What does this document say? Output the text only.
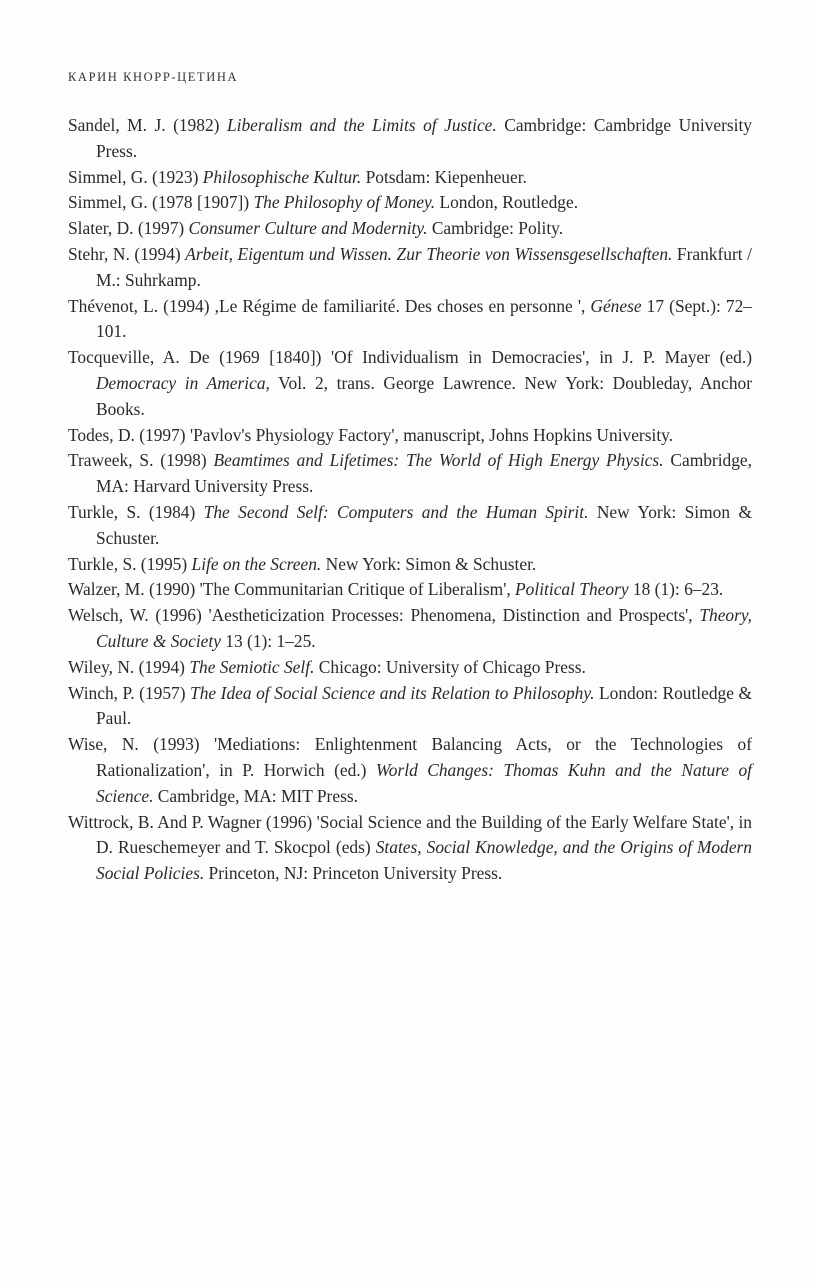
КАРИН КНОРР-ЦЕТИНА
Sandel, M. J. (1982) Liberalism and the Limits of Justice. Cambridge: Cambridge University Press.
Simmel, G. (1923) Philosophische Kultur. Potsdam: Kiepenheuer.
Simmel, G. (1978 [1907]) The Philosophy of Money. London, Routledge.
Slater, D. (1997) Consumer Culture and Modernity. Cambridge: Polity.
Stehr, N. (1994) Arbeit, Eigentum und Wissen. Zur Theorie von Wissensgesellschaften. Frankfurt / M.: Suhrkamp.
Thévenot, L. (1994) ,Le Régime de familiarité. Des choses en personne ', Génese 17 (Sept.): 72–101.
Tocqueville, A. De (1969 [1840]) 'Of Individualism in Democracies', in J. P. Mayer (ed.) Democracy in America, Vol. 2, trans. George Lawrence. New York: Doubleday, Anchor Books.
Todes, D. (1997) 'Pavlov's Physiology Factory', manuscript, Johns Hopkins University.
Traweek, S. (1998) Beamtimes and Lifetimes: The World of High Energy Physics. Cambridge, MA: Harvard University Press.
Turkle, S. (1984) The Second Self: Computers and the Human Spirit. New York: Simon & Schuster.
Turkle, S. (1995) Life on the Screen. New York: Simon & Schuster.
Walzer, M. (1990) 'The Communitarian Critique of Liberalism', Political Theory 18 (1): 6–23.
Welsch, W. (1996) 'Aestheticization Processes: Phenomena, Distinction and Prospects', Theory, Culture & Society 13 (1): 1–25.
Wiley, N. (1994) The Semiotic Self. Chicago: University of Chicago Press.
Winch, P. (1957) The Idea of Social Science and its Relation to Philosophy. London: Routledge & Paul.
Wise, N. (1993) 'Mediations: Enlightenment Balancing Acts, or the Technologies of Rationalization', in P. Horwich (ed.) World Changes: Thomas Kuhn and the Nature of Science. Cambridge, MA: MIT Press.
Wittrock, B. And P. Wagner (1996) 'Social Science and the Building of the Early Welfare State', in D. Rueschemeyer and T. Skocpol (eds) States, Social Knowledge, and the Origins of Modern Social Policies. Princeton, NJ: Princeton University Press.
